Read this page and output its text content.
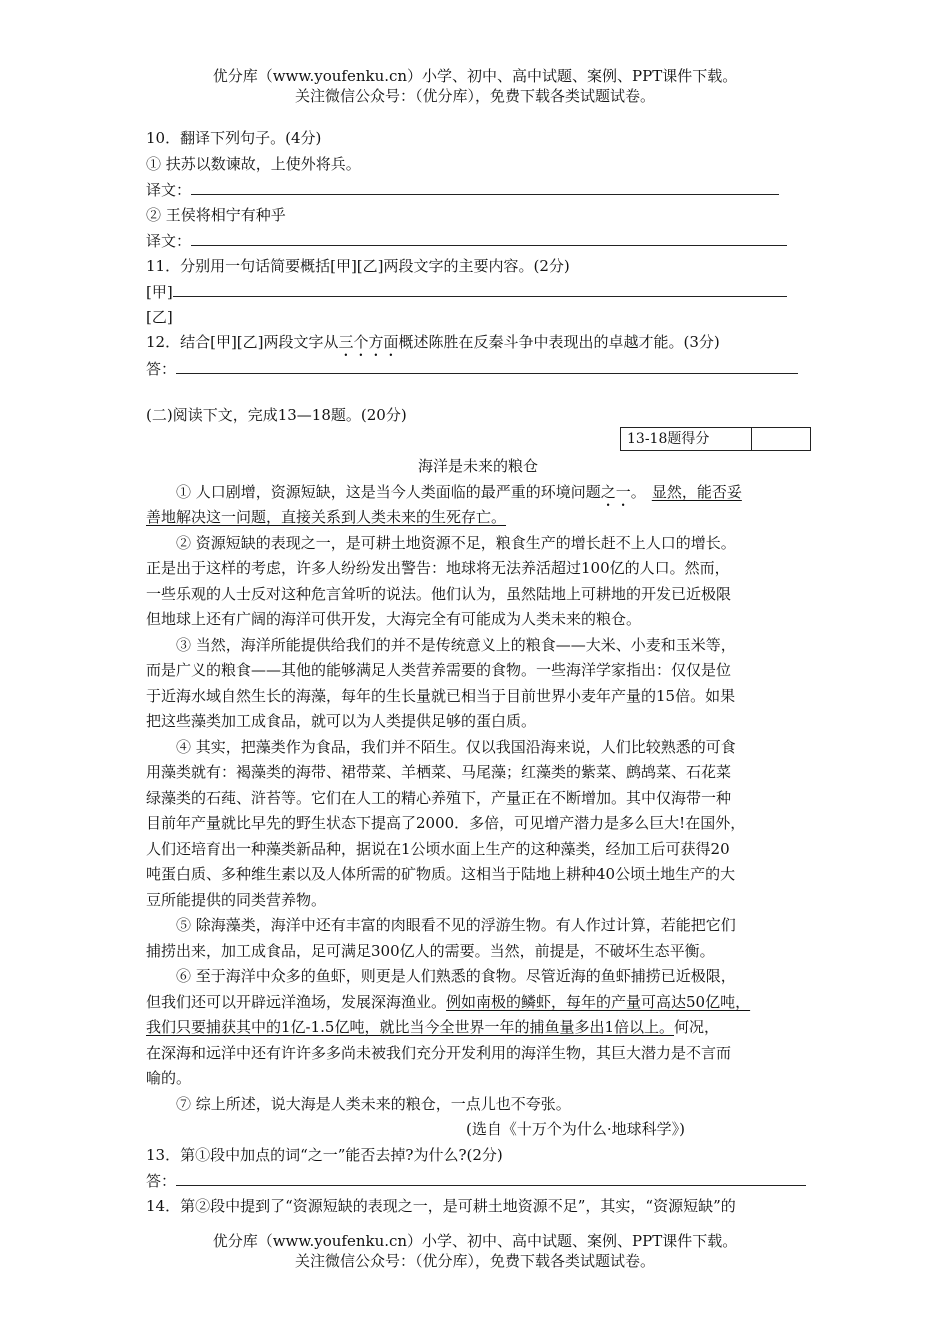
优分库（www.youfenku.cn）小学、初中、高中试题、案例、PPT课件下载。
关注微信公众号：（优分库），免费下载各类试题试卷。
10．翻译下列句子。(4分)
① 扶苏以数谏故，上使外将兵。
译文：
② 王侯将相宁有种乎
译文：
11．分别用一句话简要概括[甲][乙]两段文字的主要内容。(2分)
[甲]
[乙]
12．结合[甲][乙]两段文字从三个方面概述陈胜在反秦斗争中表现出的卓越才能。(3分)
答：
(二)阅读下文，完成13—18题。(20分)
13-18题得分
海洋是未来的粮仓
① 人口剧增，资源短缺，这是当今人类面临的最严重的环境问题之一。 显然，能否妥
善地解决这一问题，直接关系到人类未来的生死存亡。
② 资源短缺的表现之一，是可耕土地资源不足，粮食生产的增长赶不上人口的增长。
正是出于这样的考虑，许多人纷纷发出警告：地球将无法养活超过100亿的人口。然而，
一些乐观的人士反对这种危言耸听的说法。他们认为，虽然陆地上可耕地的开发已近极限
但地球上还有广阔的海洋可供开发，大海完全有可能成为人类未来的粮仓。
③ 当然，海洋所能提供给我们的并不是传统意义上的粮食——大米、小麦和玉米等，
而是广义的粮食——其他的能够满足人类营养需要的食物。一些海洋学家指出：仅仅是位
于近海水域自然生长的海藻，每年的生长量就已相当于目前世界小麦年产量的15倍。如果
把这些藻类加工成食品，就可以为人类提供足够的蛋白质。
④ 其实，把藻类作为食品，我们并不陌生。仅以我国沿海来说，人们比较熟悉的可食
用藻类就有：褐藻类的海带、裙带菜、羊栖菜、马尾藻；红藻类的紫菜、鹧鸪菜、石花菜
绿藻类的石莼、浒苔等。它们在人工的精心养殖下，产量正在不断增加。其中仅海带一种
目前年产量就比早先的野生状态下提高了2000．多倍，可见增产潜力是多么巨大!在国外，
人们还培育出一种藻类新品种，据说在1公顷水面上生产的这种藻类，经加工后可获得20
吨蛋白质、多种维生素以及人体所需的矿物质。这相当于陆地上耕种40公顷土地生产的大
豆所能提供的同类营养物。
⑤ 除海藻类，海洋中还有丰富的肉眼看不见的浮游生物。有人作过计算，若能把它们
捕捞出来，加工成食品，足可满足300亿人的需要。当然，前提是，不破坏生态平衡。
⑥ 至于海洋中众多的鱼虾，则更是人们熟悉的食物。尽管近海的鱼虾捕捞已近极限，
但我们还可以开辟远洋渔场，发展深海渔业。例如南极的鳞虾，每年的产量可高达50亿吨，
我们只要捕获其中的1亿-1.5亿吨，就比当今全世界一年的捕鱼量多出1倍以上。何况，
在深海和远洋中还有许许多多尚未被我们充分开发利用的海洋生物，其巨大潜力是不言而
喻的。
⑦ 综上所述，说大海是人类未来的粮仓，一点儿也不夸张。
(选自《十万个为什么·地球科学》)
13．第①段中加点的词“之一”能否去掉?为什么?(2分)
答：
14．第②段中提到了“资源短缺的表现之一，是可耕土地资源不足”，其实，“资源短缺”的
优分库（www.youfenku.cn）小学、初中、高中试题、案例、PPT课件下载。
关注微信公众号：（优分库），免费下载各类试题试卷。
